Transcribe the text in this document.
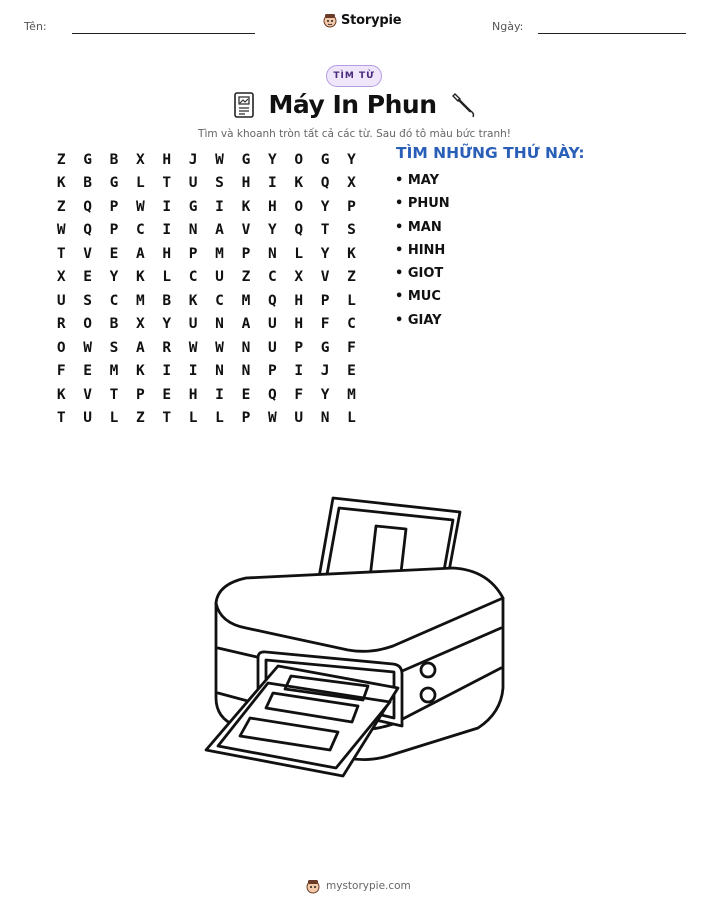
Tên:	Storypie	Ngày:
TÌM TỪ
Máy In Phun
Tìm và khoanh tròn tất cả các từ. Sau đó tô màu bức tranh!
Z	G	B	X	H	J	W	G	Y	O	G	Y
K	B	G	L	T	U	S	H	I	K	Q	X
Z	Q	P	W	I	G	I	K	H	O	Y	P
W	Q	P	C	I	N	A	V	Y	Q	T	S
T	V	E	A	H	P	M	P	N	L	Y	K
X	E	Y	K	L	C	U	Z	C	X	V	Z
U	S	C	M	B	K	C	M	Q	H	P	L
R	O	B	X	Y	U	N	A	U	H	F	C
O	W	S	A	R	W	W	N	U	P	G	F
F	E	M	K	I	I	N	N	P	I	J	E
K	V	T	P	E	H	I	E	Q	F	Y	M
T	U	L	Z	T	L	L	P	W	U	N	L
TÌM NHỮNG THỨ NÀY:
• MAY
• PHUN
• MAN
• HINH
• GIOT
• MUC
• GIAY
mystorypie.com
